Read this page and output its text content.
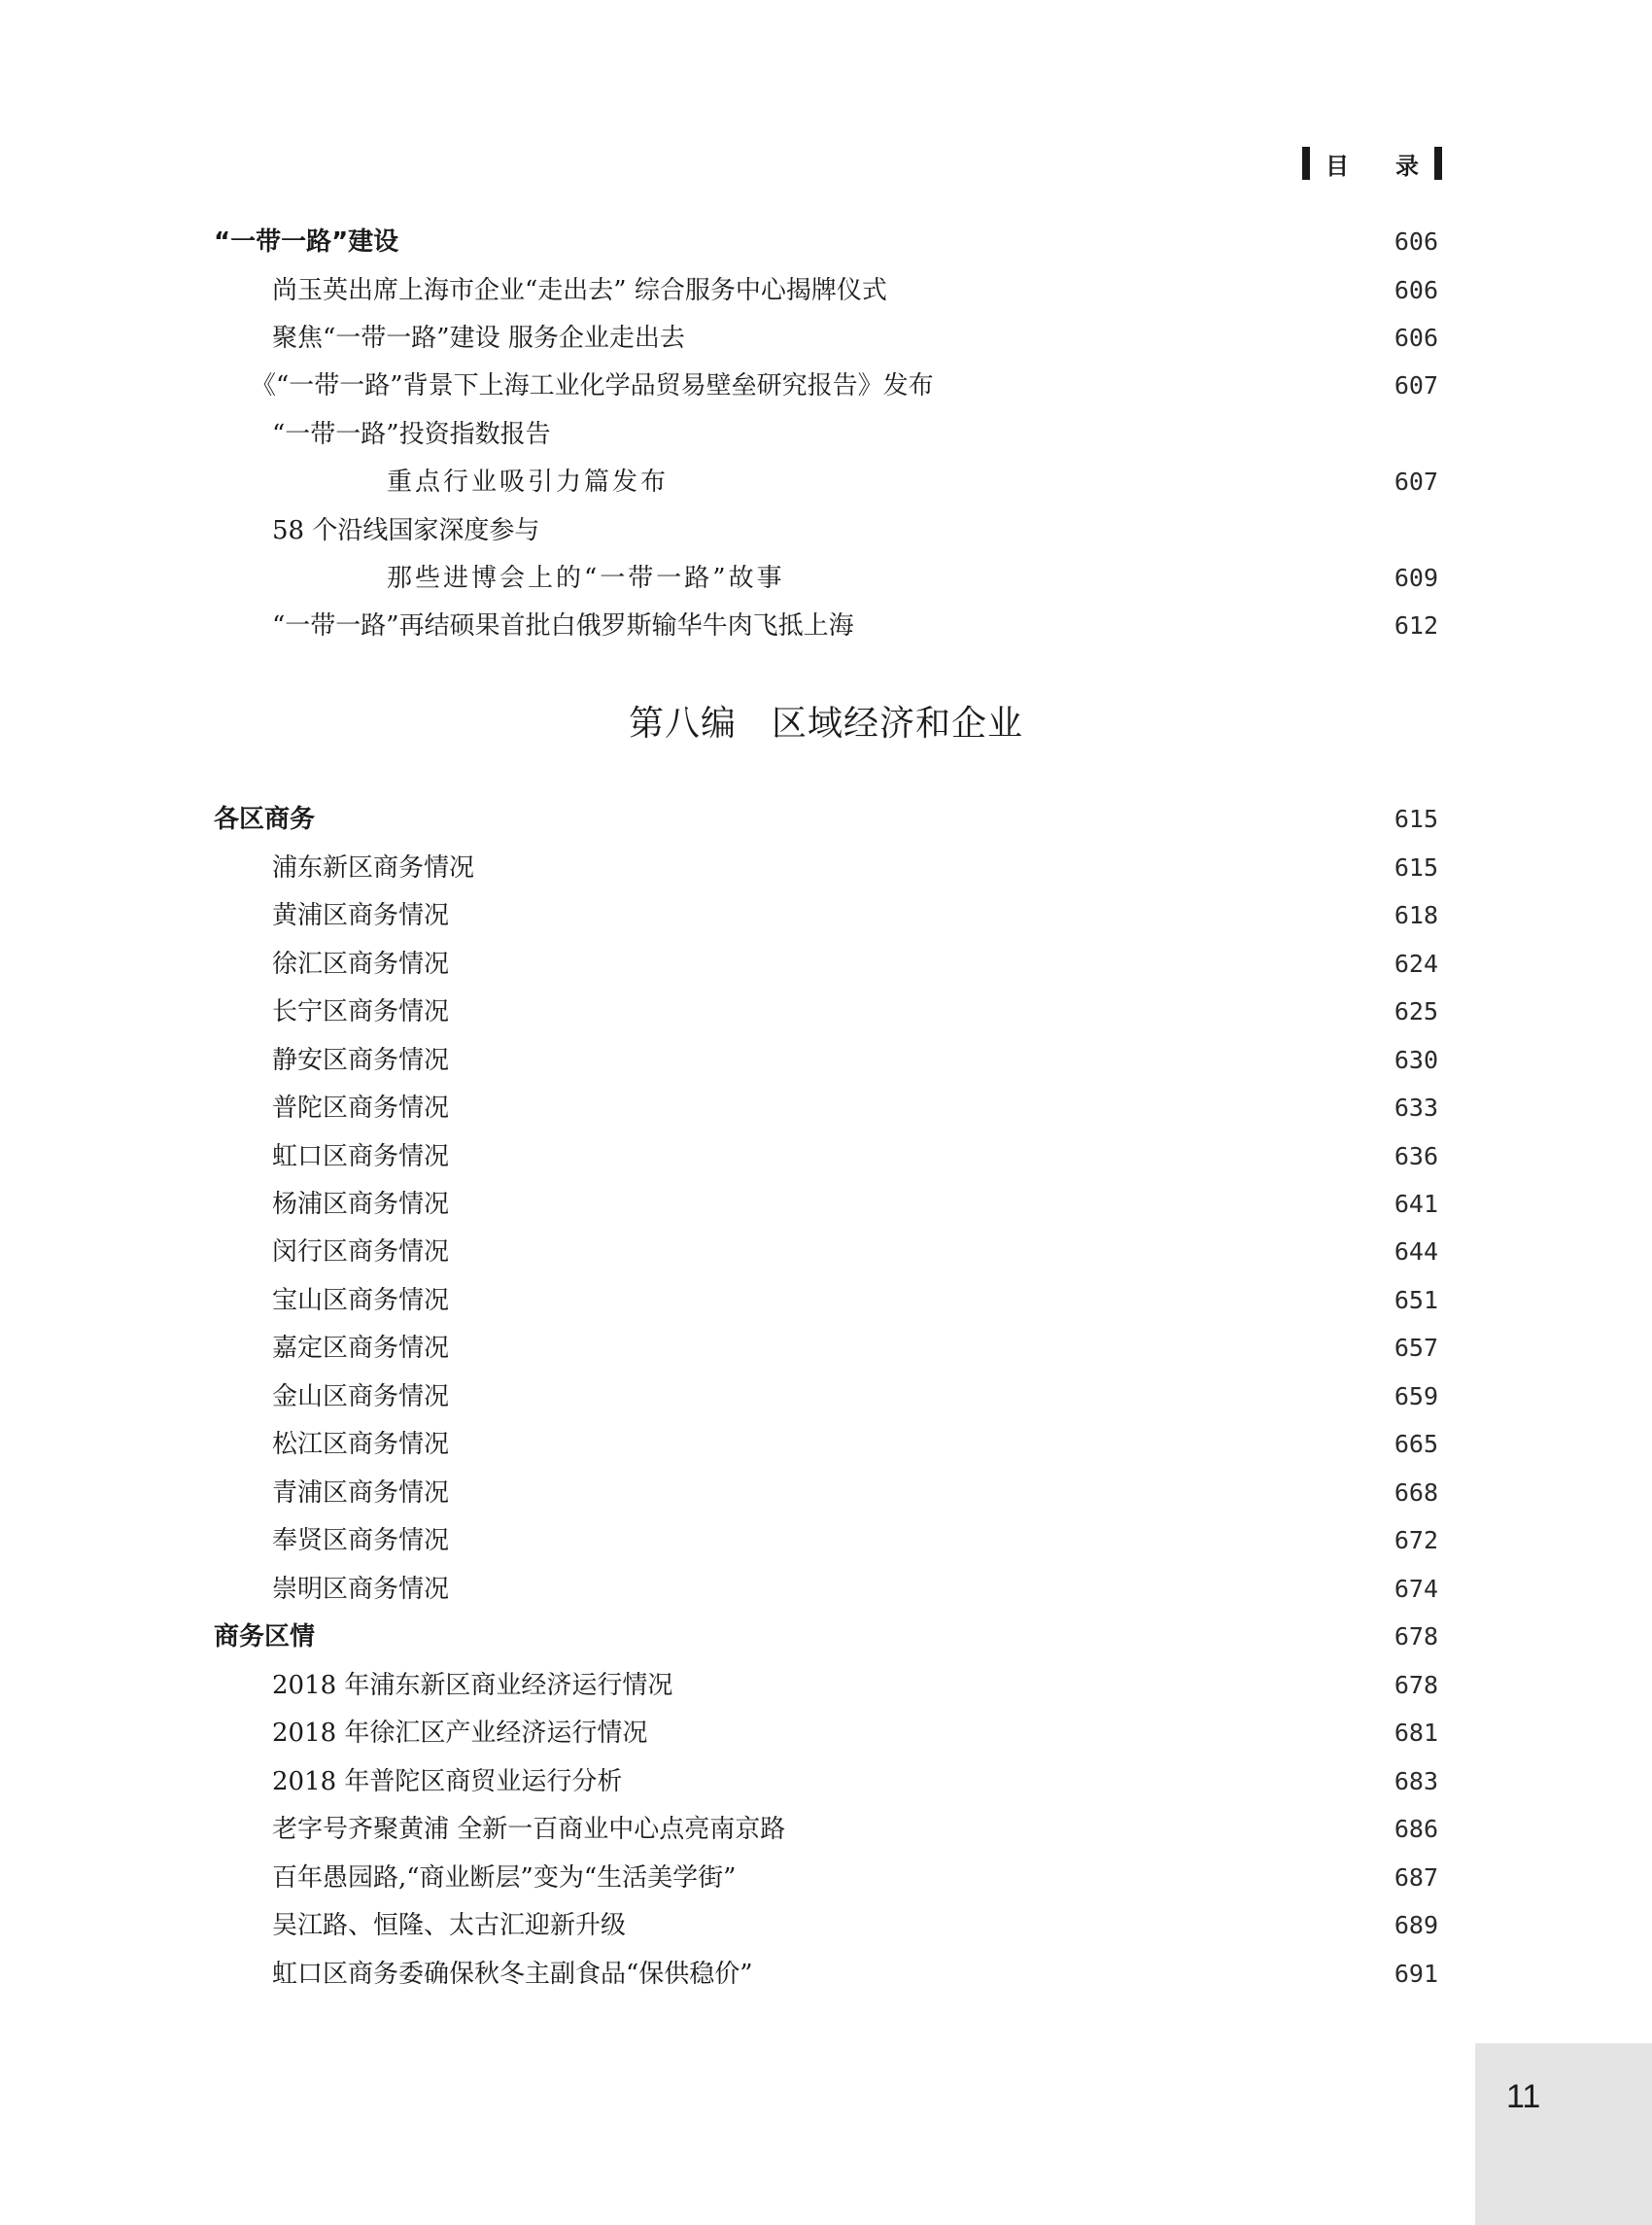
目 录
“一带一路”建设	606
尚玉英出席上海市企业“走出去” 综合服务中心揭牌仪式	606
聚焦“一带一路”建设 服务企业走出去	606
《“一带一路”背景下上海工业化学品贸易壁垒研究报告》发布	607
“一带一路”投资指数报告
重点行业吸引力篇发布	607
58 个沿线国家深度参与
那些进博会上的“一带一路”故事	609
“一带一路”再结硕果首批白俄罗斯输华牛肉飞抵上海	612
第八编 区域经济和企业
各区商务	615
浦东新区商务情况	615
黄浦区商务情况	618
徐汇区商务情况	624
长宁区商务情况	625
静安区商务情况	630
普陀区商务情况	633
虹口区商务情况	636
杨浦区商务情况	641
闵行区商务情况	644
宝山区商务情况	651
嘉定区商务情况	657
金山区商务情况	659
松江区商务情况	665
青浦区商务情况	668
奉贤区商务情况	672
崇明区商务情况	674
商务区情	678
2018 年浦东新区商业经济运行情况	678
2018 年徐汇区产业经济运行情况	681
2018 年普陀区商贸业运行分析	683
老字号齐聚黄浦 全新一百商业中心点亮南京路	686
百年愚园路,“商业断层”变为“生活美学街”	687
吴江路、恒隆、太古汇迎新升级	689
虹口区商务委确保秋冬主副食品“保供稳价”	691
11
